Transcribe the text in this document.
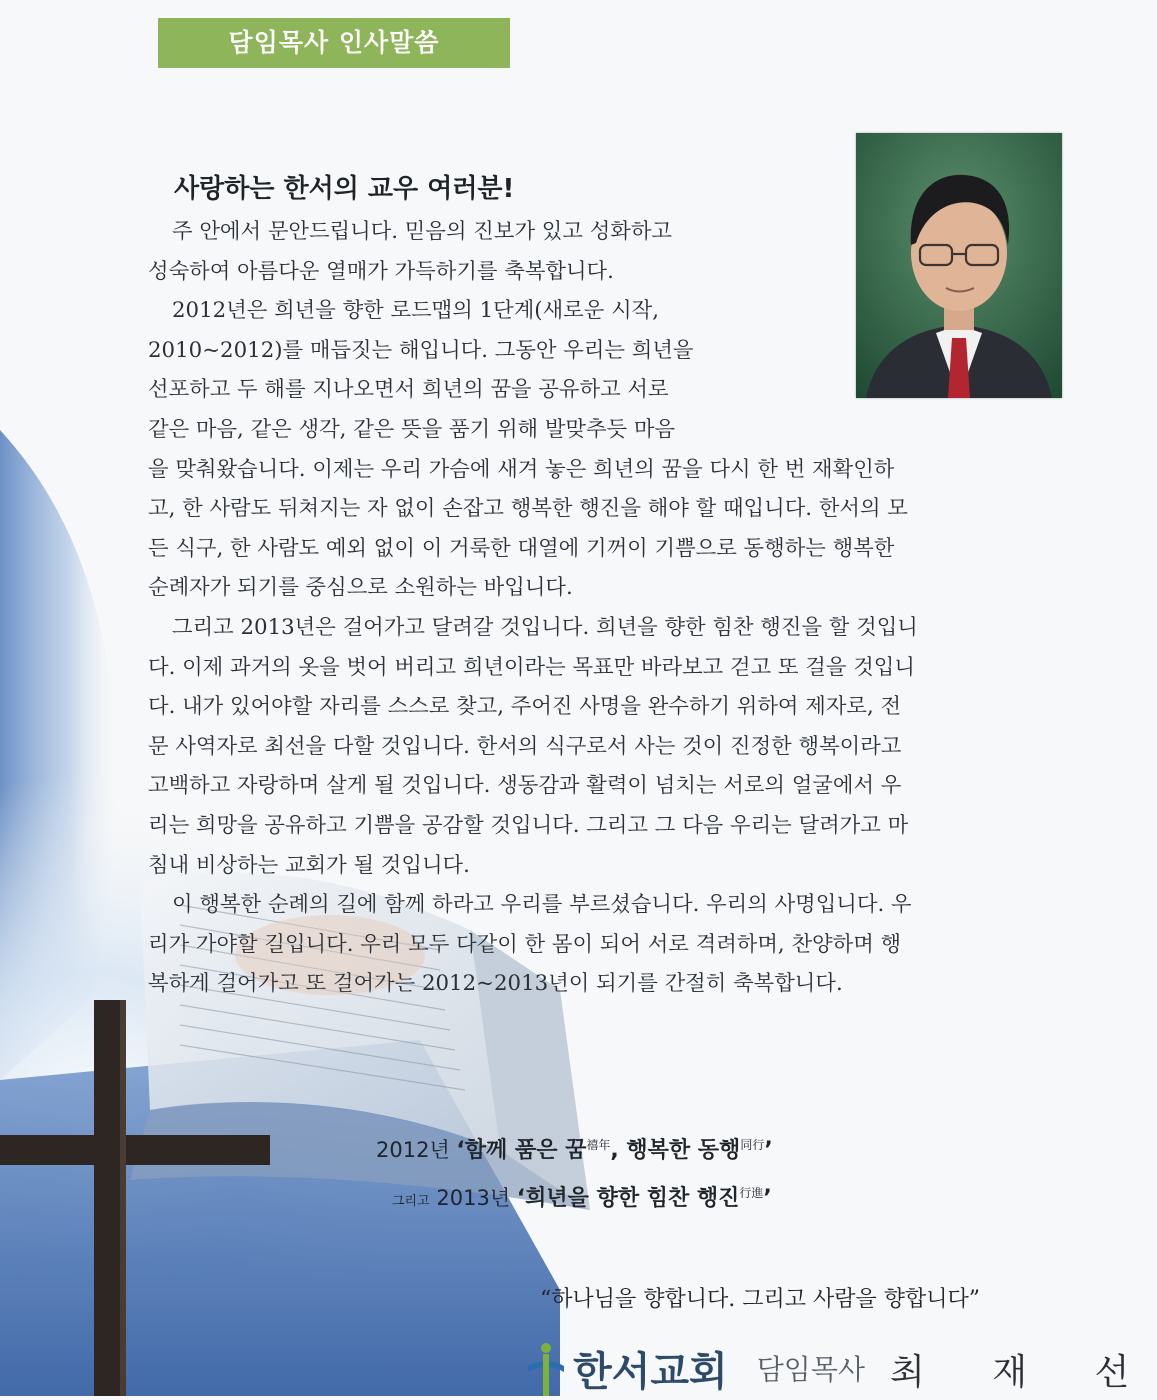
담임목사 인사말씀
사랑하는 한서의 교우 여러분!

주 안에서 문안드립니다. 믿음의 진보가 있고 성화하고

성숙하여 아름다운 열매가 가득하기를 축복합니다.

2012년은 희년을 향한 로드맵의 1단계(새로운 시작,

2010~2012)를 매듭짓는 해입니다. 그동안 우리는 희년을

선포하고 두 해를 지나오면서 희년의 꿈을 공유하고 서로

같은 마음, 같은 생각, 같은 뜻을 품기 위해 발맞추듯 마음

을 맞춰왔습니다. 이제는 우리 가슴에 새겨 놓은 희년의 꿈을 다시 한 번 재확인하

고, 한 사람도 뒤쳐지는 자 없이 손잡고 행복한 행진을 해야 할 때입니다. 한서의 모

든 식구, 한 사람도 예외 없이 이 거룩한 대열에 기꺼이 기쁨으로 동행하는 행복한

순례자가 되기를 중심으로 소원하는 바입니다.

그리고 2013년은 걸어가고 달려갈 것입니다. 희년을 향한 힘찬 행진을 할 것입니

다. 이제 과거의 옷을 벗어 버리고 희년이라는 목표만 바라보고 걷고 또 걸을 것입니

다. 내가 있어야할 자리를 스스로 찾고, 주어진 사명을 완수하기 위하여 제자로, 전

문 사역자로 최선을 다할 것입니다. 한서의 식구로서 사는 것이 진정한 행복이라고

고백하고 자랑하며 살게 될 것입니다. 생동감과 활력이 넘치는 서로의 얼굴에서 우

리는 희망을 공유하고 기쁨을 공감할 것입니다. 그리고 그 다음 우리는 달려가고 마

침내 비상하는 교회가 될 것입니다.

이 행복한 순례의 길에 함께 하라고 우리를 부르셨습니다. 우리의 사명입니다. 우

리가 가야할 길입니다. 우리 모두 다같이 한 몸이 되어 서로 격려하며, 찬양하며 행

복하게 걸어가고 또 걸어가는 2012~2013년이 되기를 간절히 축복합니다.

2012년 ‘함께 품은 꿈$^{禧年}$, 행복한 동행$^{同行}$’
그리고 2013년 ‘희년을 향한 힘찬 행진$^{行進}$’
“하나님을 향합니다. 그리고 사람을 향합니다”
한서교회 담임목사 최 재 선
